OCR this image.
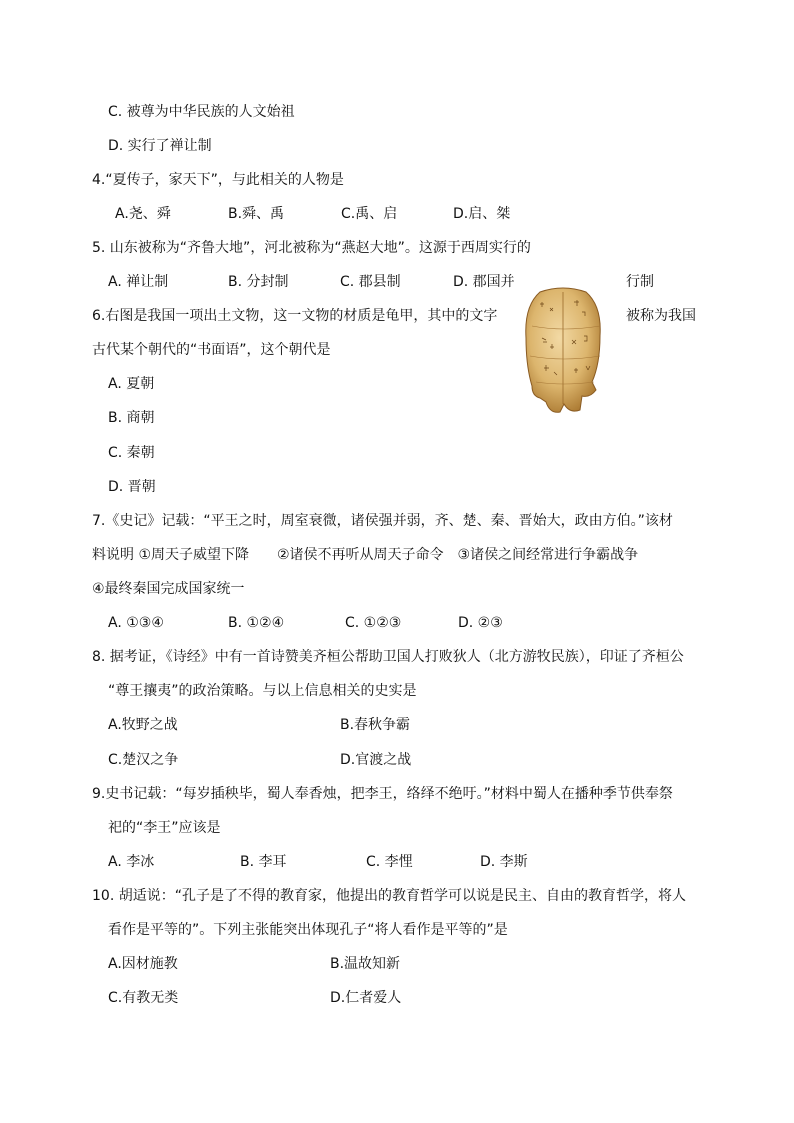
C. 被尊为中华民族的人文始祖
D. 实行了禅让制
4.“夏传子，家天下”，与此相关的人物是
A.尧、舜	B.舜、禹	C.禹、启	D.启、桀
5. 山东被称为“齐鲁大地”，河北被称为“燕赵大地”。这源于西周实行的
A. 禅让制	B. 分封制	C. 郡县制	D. 郡国并	行制
6.右图是我国一项出土文物，这一文物的材质是龟甲，其中的文字	被称为我国
古代某个朝代的“书面语”，这个朝代是
A. 夏朝
B. 商朝
C. 秦朝
D. 晋朝
7.《史记》记载：“平王之时，周室衰微，诸侯强并弱，齐、楚、秦、晋始大，政由方伯。”该材
料说明 ①周天子威望下降　　②诸侯不再听从周天子命令　③诸侯之间经常进行争霸战争
④最终秦国完成国家统一
A. ①③④	B. ①②④	C. ①②③	D. ②③
8. 据考证，《诗经》中有一首诗赞美齐桓公帮助卫国人打败狄人（北方游牧民族），印证了齐桓公
“尊王攘夷”的政治策略。与以上信息相关的史实是
A.牧野之战	B.春秋争霸
C.楚汉之争	D.官渡之战
9.史书记载：“每岁插秧毕，蜀人奉香烛，把李王，络绎不绝吁。”材料中蜀人在播种季节供奉祭
祀的“李王”应该是
A. 李冰	B. 李耳	C. 李悝	D. 李斯
10. 胡适说：“孔子是了不得的教育家，他提出的教育哲学可以说是民主、自由的教育哲学，将人
看作是平等的”。下列主张能突出体现孔子“将人看作是平等的”是
A.因材施教	B.温故知新
C.有教无类	D.仁者爱人
